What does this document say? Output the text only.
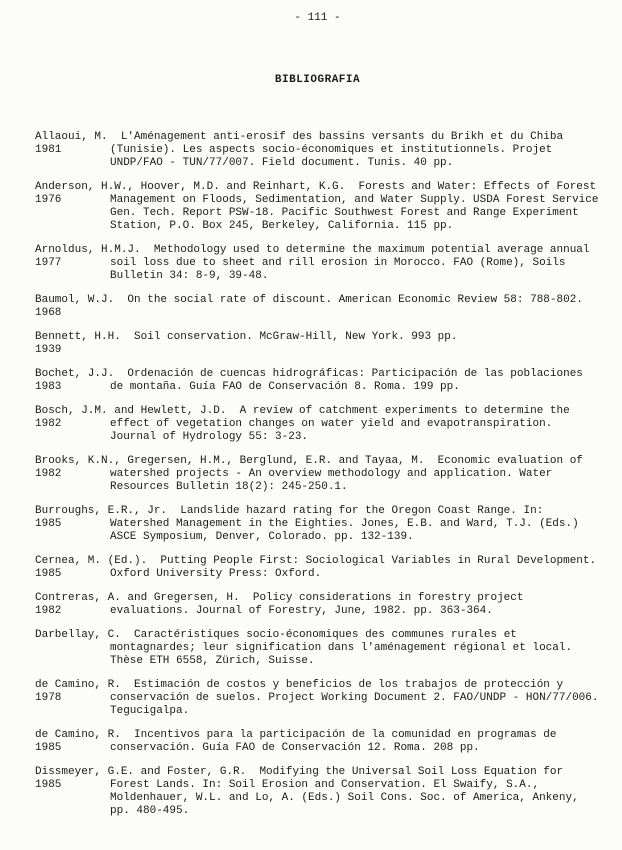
- 111 -
BIBLIOGRAFIA
1981

Allaoui, M. L'Aménagement anti-erosif des bassins versants du Brikh et du Chiba (Tunisie). Les aspects socio-économiques et institutionnels. Projet UNDP/FAO - TUN/77/007. Field document. Tunis. 40 pp.

1976

Anderson, H.W., Hoover, M.D. and Reinhart, K.G. Forests and Water: Effects of Forest Management on Floods, Sedimentation, and Water Supply. USDA Forest Service Gen. Tech. Report PSW-18. Pacific Southwest Forest and Range Experiment Station, P.O. Box 245, Berkeley, California. 115 pp.

1977

Arnoldus, H.M.J. Methodology used to determine the maximum potential average annual soil loss due to sheet and rill erosion in Morocco. FAO (Rome), Soils Bulletin 34: 8-9, 39-48.

1968

Baumol, W.J. On the social rate of discount. American Economic Review 58: 788-802.

1939

Bennett, H.H. Soil conservation. McGraw-Hill, New York. 993 pp.

1983

Bochet, J.J. Ordenación de cuencas hidrográficas: Participación de las poblaciones de montaña. Guía FAO de Conservación 8. Roma. 199 pp.

1982

Bosch, J.M. and Hewlett, J.D. A review of catchment experiments to determine the effect of vegetation changes on water yield and evapotranspiration. Journal of Hydrology 55: 3-23.

1982

Brooks, K.N., Gregersen, H.M., Berglund, E.R. and Tayaa, M. Economic evaluation of watershed projects - An overview methodology and application. Water Resources Bulletin 18(2): 245-250.1.

1985

Burroughs, E.R., Jr. Landslide hazard rating for the Oregon Coast Range. In: Watershed Management in the Eighties. Jones, E.B. and Ward, T.J. (Eds.) ASCE Symposium, Denver, Colorado. pp. 132-139.

1985

Cernea, M. (Ed.). Putting People First: Sociological Variables in Rural Development. Oxford University Press: Oxford.

1982

Contreras, A. and Gregersen, H. Policy considerations in forestry project evaluations. Journal of Forestry, June, 1982. pp. 363-364.

Darbellay, C. Caractéristiques socio-économiques des communes rurales et montagnardes; leur signification dans l'aménagement régional et local. Thèse ETH 6558, Zürich, Suisse.

1978

de Camino, R. Estimación de costos y beneficios de los trabajos de protección y conservación de suelos. Project Working Document 2. FAO/UNDP - HON/77/006. Tegucigalpa.

1985

de Camino, R. Incentivos para la participación de la comunidad en programas de conservación. Guía FAO de Conservación 12. Roma. 208 pp.

1985

Dissmeyer, G.E. and Foster, G.R. Modifying the Universal Soil Loss Equation for Forest Lands. In: Soil Erosion and Conservation. El Swaify, S.A., Moldenhauer, W.L. and Lo, A. (Eds.) Soil Cons. Soc. of America, Ankeny, pp. 480-495.
